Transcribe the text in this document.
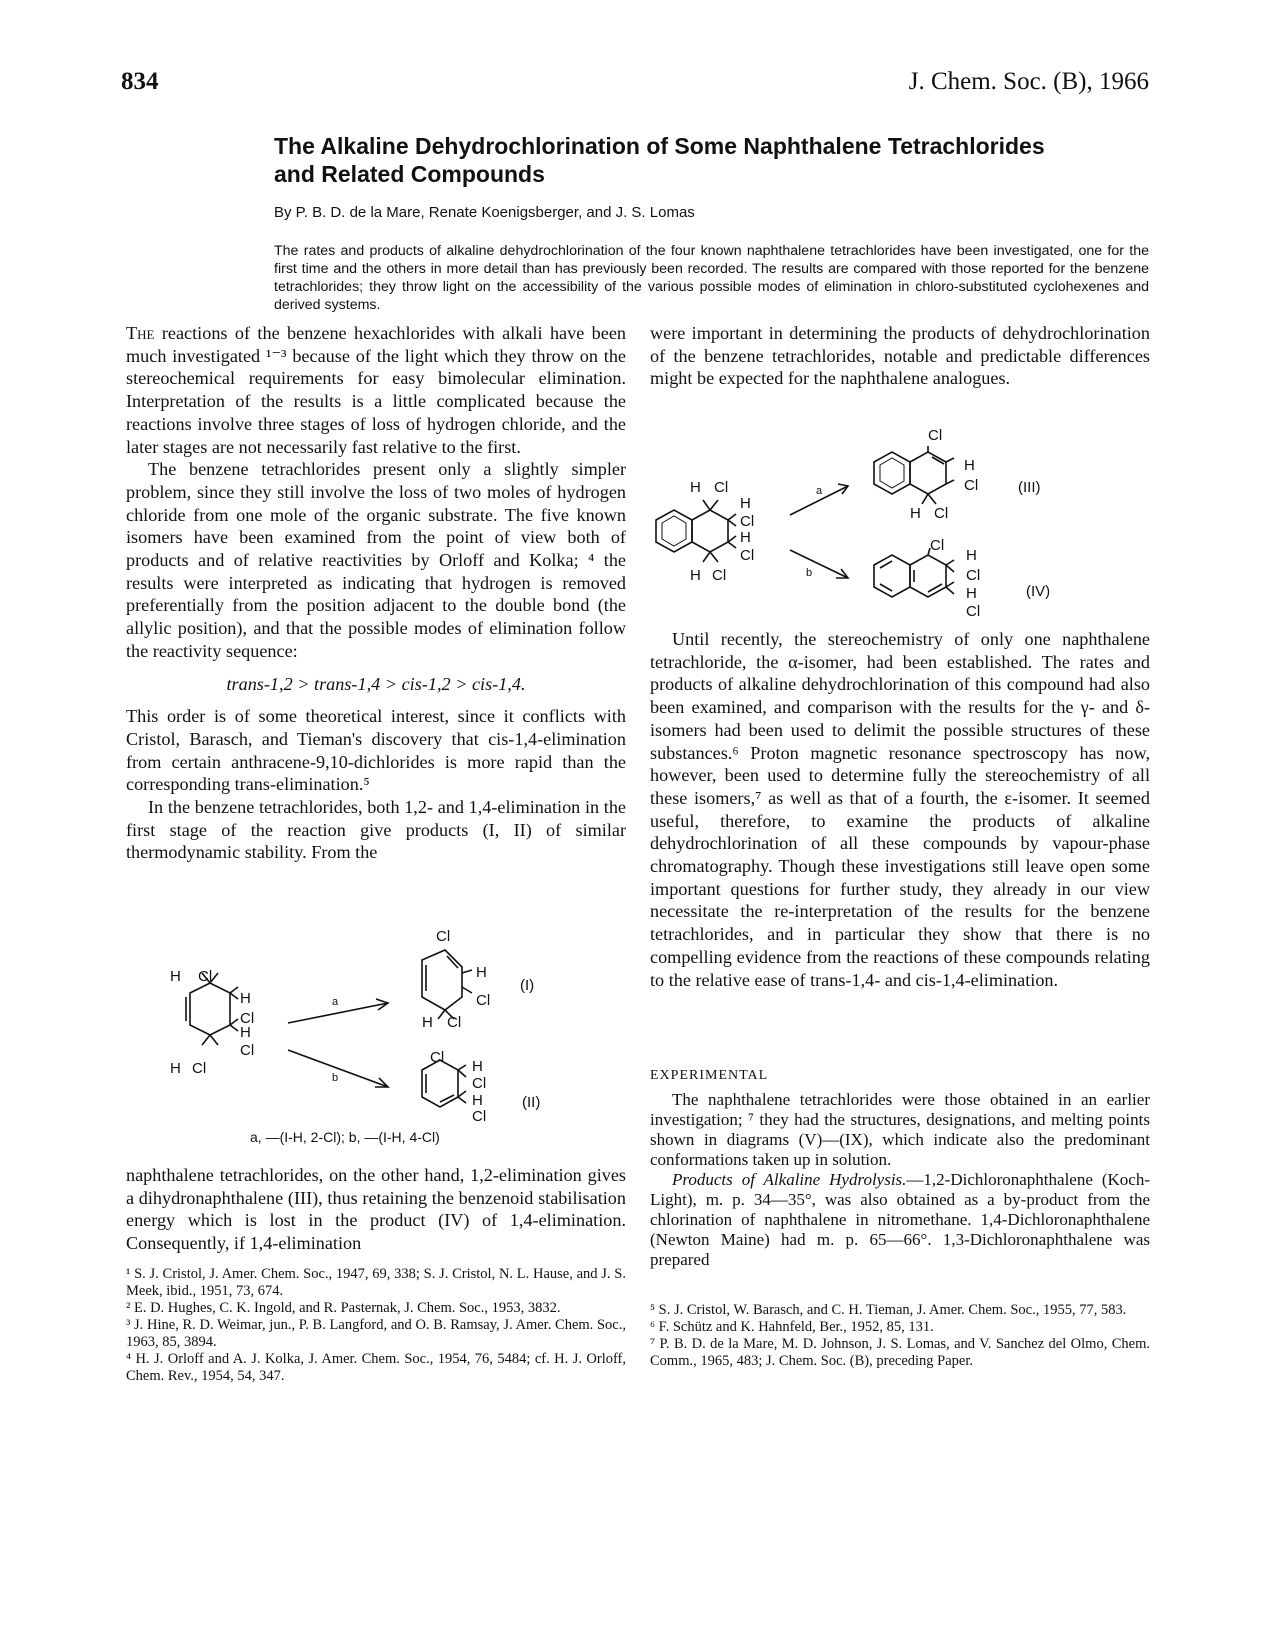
834	J. Chem. Soc. (B), 1966
The Alkaline Dehydrochlorination of Some Naphthalene Tetrachlorides
and Related Compounds
By P. B. D. de la Mare, Renate Koenigsberger, and J. S. Lomas
The rates and products of alkaline dehydrochlorination of the four known naphthalene tetrachlorides have been investigated, one for the first time and the others in more detail than has previously been recorded. The results are compared with those reported for the benzene tetrachlorides; they throw light on the accessibility of the various possible modes of elimination in chloro-substituted cyclohexenes and derived systems.

The reactions of the benzene hexachlorides with alkali have been much investigated ¹⁻³ because of the light which they throw on the stereochemical requirements for easy bimolecular elimination. Interpretation of the results is a little complicated because the reactions involve three stages of loss of hydrogen chloride, and the later stages are not necessarily fast relative to the first.

The benzene tetrachlorides present only a slightly simpler problem, since they still involve the loss of two moles of hydrogen chloride from one mole of the organic substrate. The five known isomers have been examined from the point of view both of products and of relative reactivities by Orloff and Kolka; ⁴ the results were interpreted as indicating that hydrogen is removed preferentially from the position adjacent to the double bond (the allylic position), and that the possible modes of elimination follow the reactivity sequence:

trans-1,2 > trans-1,4 > cis-1,2 > cis-1,4.

This order is of some theoretical interest, since it conflicts with Cristol, Barasch, and Tieman's discovery that cis-1,4-elimination from certain anthracene-9,10-dichlorides is more rapid than the corresponding trans-elimination.⁵

In the benzene tetrachlorides, both 1,2- and 1,4-elimination in the first stage of the reaction give products (I, II) of similar thermodynamic stability. From the

H Cl
H
Cl
H
Cl
H Cl
a
b
Cl
H
Cl
H Cl
(I)
Cl
H
Cl
H
Cl
(II)
a, —(I-H, 2-Cl); b, —(I-H, 4-Cl)

naphthalene tetrachlorides, on the other hand, 1,2-elimination gives a dihydronaphthalene (III), thus retaining the benzenoid stabilisation energy which is lost in the product (IV) of 1,4-elimination. Consequently, if 1,4-elimination

¹ S. J. Cristol, J. Amer. Chem. Soc., 1947, 69, 338; S. J. Cristol, N. L. Hause, and J. S. Meek, ibid., 1951, 73, 674.

² E. D. Hughes, C. K. Ingold, and R. Pasternak, J. Chem. Soc., 1953, 3832.

³ J. Hine, R. D. Weimar, jun., P. B. Langford, and O. B. Ramsay, J. Amer. Chem. Soc., 1963, 85, 3894.

⁴ H. J. Orloff and A. J. Kolka, J. Amer. Chem. Soc., 1954, 76, 5484; cf. H. J. Orloff, Chem. Rev., 1954, 54, 347.

were important in determining the products of dehydrochlorination of the benzene tetrachlorides, notable and predictable differences might be expected for the naphthalene analogues.

H Cl
H
Cl
H
Cl
H Cl
a
b
Cl
H
Cl
H Cl
(III)
Cl
H
Cl
H
Cl
(IV)

Until recently, the stereochemistry of only one naphthalene tetrachloride, the α-isomer, had been established. The rates and products of alkaline dehydrochlorination of this compound had also been examined, and comparison with the results for the γ- and δ-isomers had been used to delimit the possible structures of these substances.⁶ Proton magnetic resonance spectroscopy has now, however, been used to determine fully the stereochemistry of all these isomers,⁷ as well as that of a fourth, the ε-isomer. It seemed useful, therefore, to examine the products of alkaline dehydrochlorination of all these compounds by vapour-phase chromatography. Though these investigations still leave open some important questions for further study, they already in our view necessitate the re-interpretation of the results for the benzene tetrachlorides, and in particular they show that there is no compelling evidence from the reactions of these compounds relating to the relative ease of trans-1,4- and cis-1,4-elimination.

EXPERIMENTAL

The naphthalene tetrachlorides were those obtained in an earlier investigation; ⁷ they had the structures, designations, and melting points shown in diagrams (V)—(IX), which indicate also the predominant conformations taken up in solution.

Products of Alkaline Hydrolysis.—1,2-Dichloronaphthalene (Koch-Light), m. p. 34—35°, was also obtained as a by-product from the chlorination of naphthalene in nitromethane. 1,4-Dichloronaphthalene (Newton Maine) had m. p. 65—66°. 1,3-Dichloronaphthalene was prepared

⁵ S. J. Cristol, W. Barasch, and C. H. Tieman, J. Amer. Chem. Soc., 1955, 77, 583.

⁶ F. Schütz and K. Hahnfeld, Ber., 1952, 85, 131.

⁷ P. B. D. de la Mare, M. D. Johnson, J. S. Lomas, and V. Sanchez del Olmo, Chem. Comm., 1965, 483; J. Chem. Soc. (B), preceding Paper.
